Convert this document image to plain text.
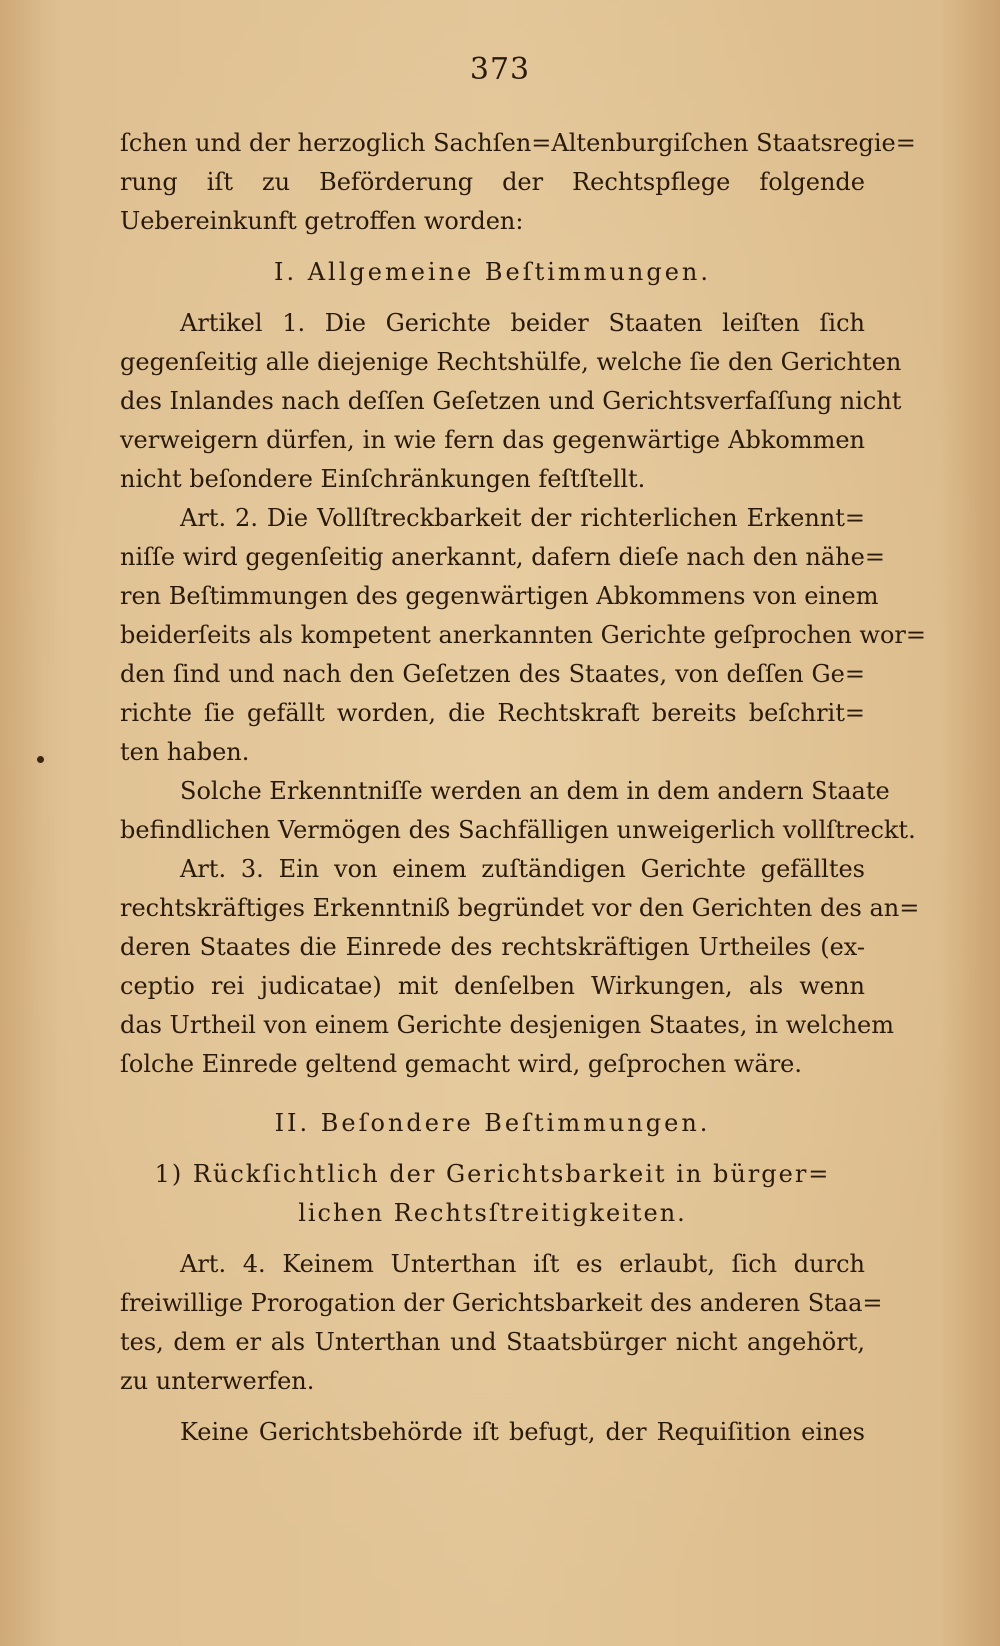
373
ſchen und der herzoglich Sachſen=Altenburgiſchen Staatsregie=
rung iſt zu Beförderung der Rechtspflege folgende
Uebereinkunft getroffen worden:
I. Allgemeine Beſtimmungen.
Artikel 1. Die Gerichte beider Staaten leiſten ſich
gegenſeitig alle diejenige Rechtshülfe, welche ſie den Gerichten
des Inlandes nach deſſen Geſetzen und Gerichtsverfaſſung nicht
verweigern dürfen, in wie fern das gegenwärtige Abkommen
nicht beſondere Einſchränkungen feſtſtellt.
Art. 2. Die Vollſtreckbarkeit der richterlichen Erkennt=
niſſe wird gegenſeitig anerkannt, dafern dieſe nach den nähe=
ren Beſtimmungen des gegenwärtigen Abkommens von einem
beiderſeits als kompetent anerkannten Gerichte geſprochen wor=
den ſind und nach den Geſetzen des Staates, von deſſen Ge=
richte ſie gefällt worden, die Rechtskraft bereits beſchrit=
ten haben.
Solche Erkenntniſſe werden an dem in dem andern Staate
befindlichen Vermögen des Sachfälligen unweigerlich vollſtreckt.
Art. 3. Ein von einem zuſtändigen Gerichte gefälltes
rechtskräftiges Erkenntniß begründet vor den Gerichten des an=
deren Staates die Einrede des rechtskräftigen Urtheiles (ex-
ceptio rei judicatae) mit denſelben Wirkungen, als wenn
das Urtheil von einem Gerichte desjenigen Staates, in welchem
ſolche Einrede geltend gemacht wird, geſprochen wäre.
II. Beſondere Beſtimmungen.
1) Rückſichtlich der Gerichtsbarkeit in bürger=
lichen Rechtsſtreitigkeiten.
Art. 4. Keinem Unterthan iſt es erlaubt, ſich durch
freiwillige Prorogation der Gerichtsbarkeit des anderen Staa=
tes, dem er als Unterthan und Staatsbürger nicht angehört,
zu unterwerfen.
Keine Gerichtsbehörde iſt befugt, der Requiſition eines
